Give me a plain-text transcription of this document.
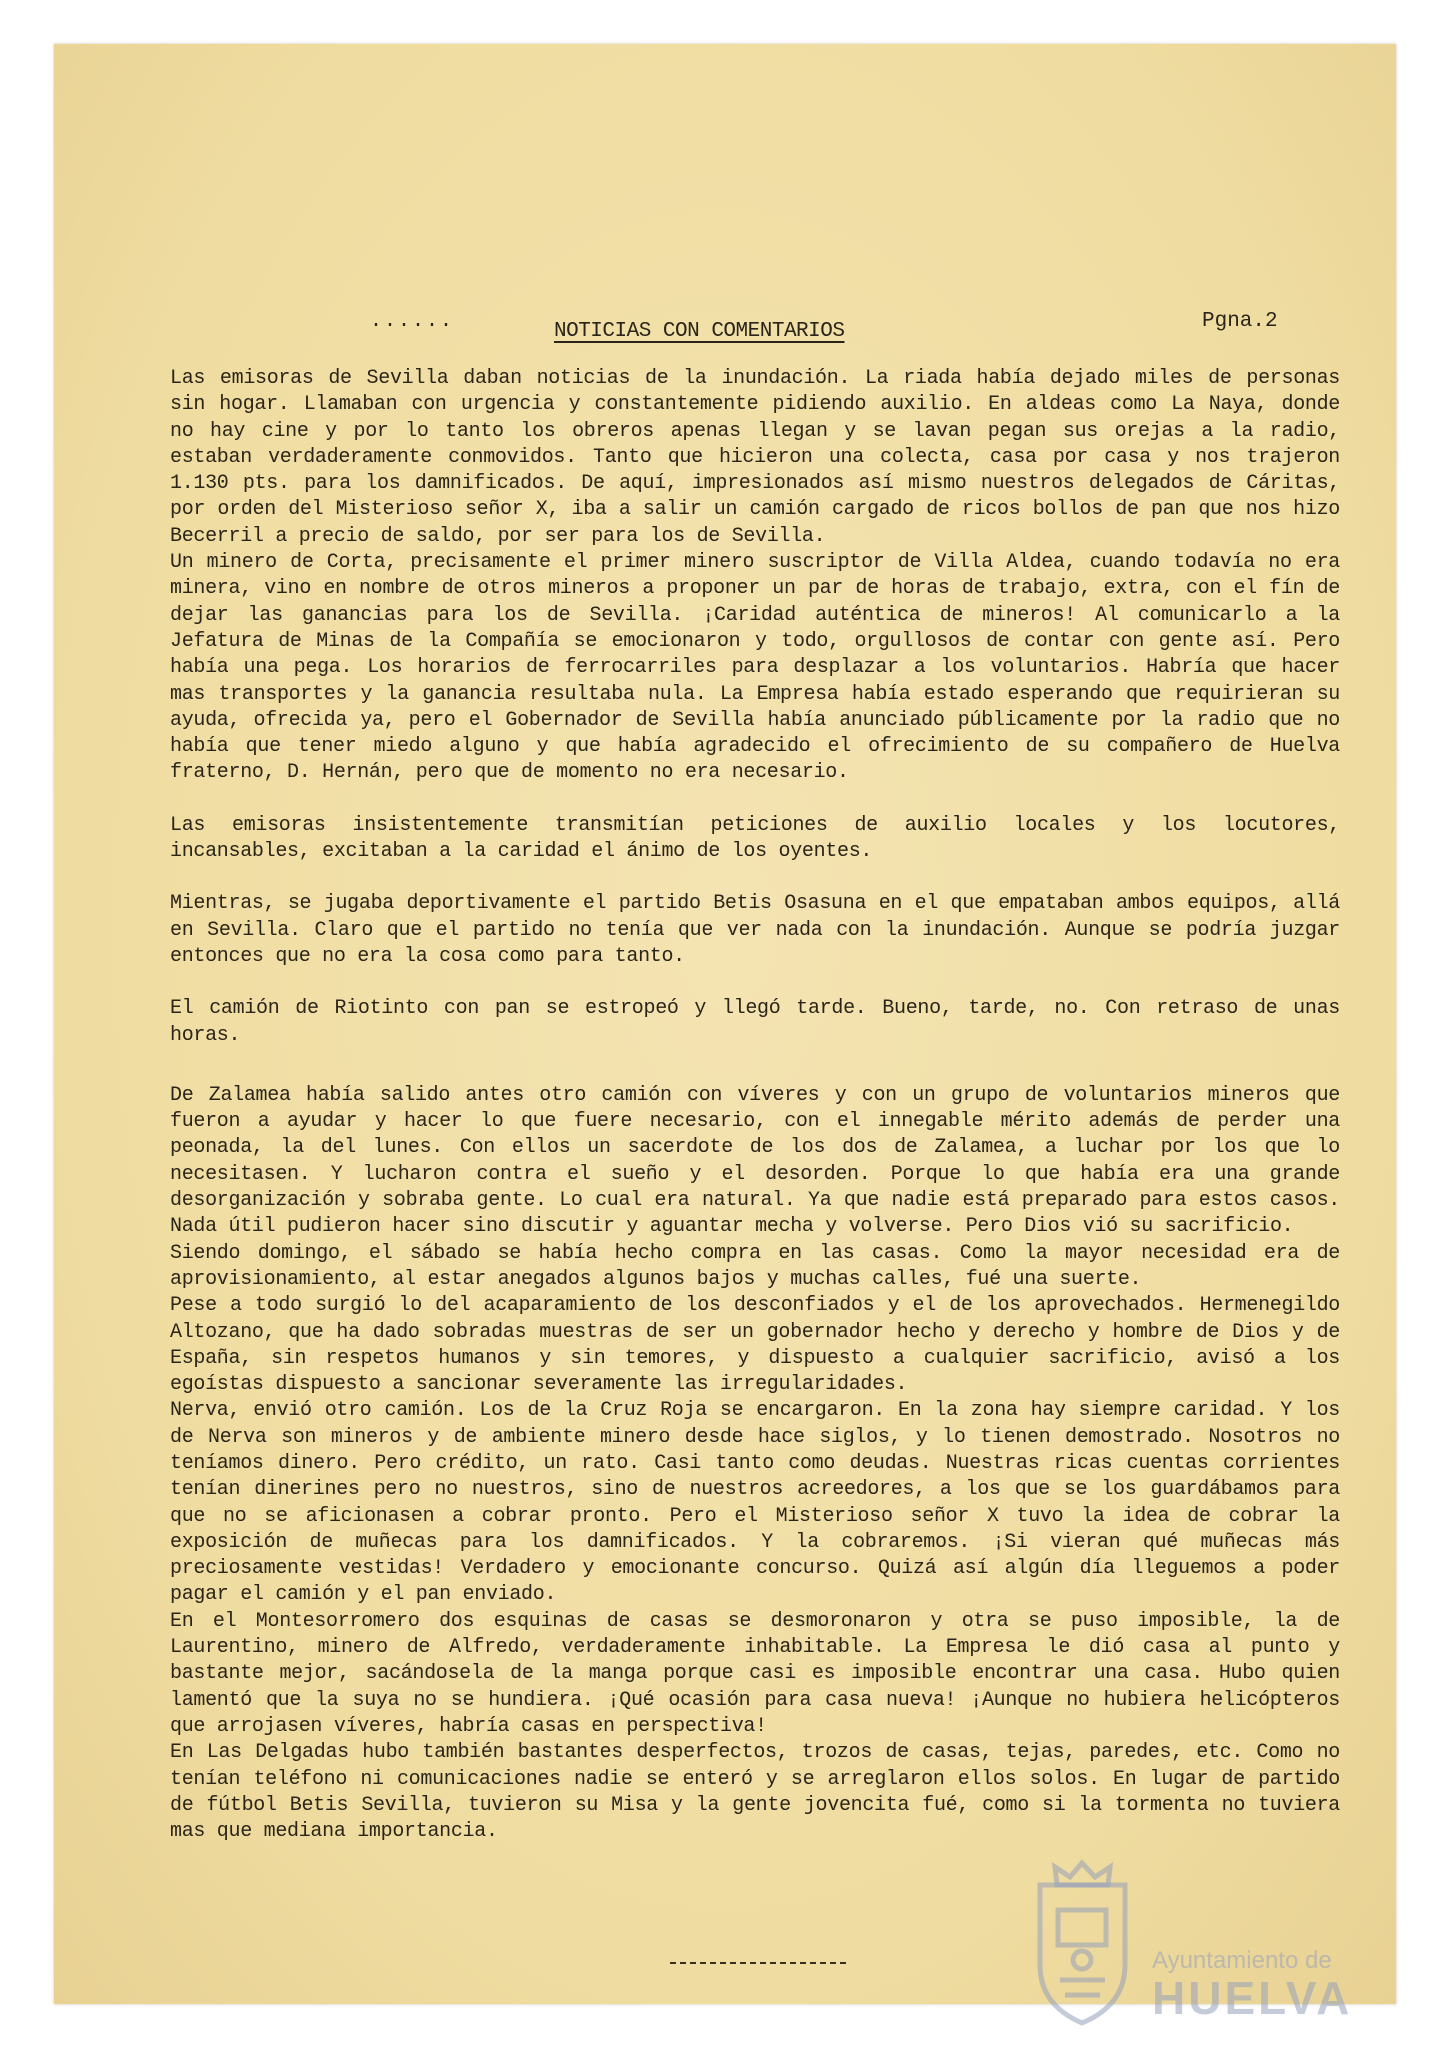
......	NOTICIAS CON COMENTARIOS	Pgna.2

Las emisoras de Sevilla daban noticias de la inundación. La riada había dejado miles de personas sin hogar. Llamaban con urgencia y constantemente pidiendo auxilio. En aldeas como La Naya, donde no hay cine y por lo tanto los obreros apenas llegan y se lavan pegan sus orejas a la radio, estaban verdaderamente conmovidos. Tanto que hicieron una colecta, casa por casa y nos trajeron 1.130 pts. para los damnificados. De aquí, impresionados así mismo nuestros delegados de Cáritas, por orden del Misterioso señor X, iba a salir un camión cargado de ricos bollos de pan que nos hizo Becerril a precio de saldo, por ser para los de Sevilla.

Un minero de Corta, precisamente el primer minero suscriptor de Villa Aldea, cuando todavía no era minera, vino en nombre de otros mineros a proponer un par de horas de trabajo, extra, con el fín de dejar las ganancias para los de Sevilla. ¡Caridad auténtica de mineros! Al comunicarlo a la Jefatura de Minas de la Compañía se emocionaron y todo, orgullosos de contar con gente así. Pero había una pega. Los horarios de ferrocarriles para desplazar a los voluntarios. Habría que hacer mas transportes y la ganancia resultaba nula. La Empresa había estado esperando que requirieran su ayuda, ofrecida ya, pero el Gobernador de Sevilla había anunciado públicamente por la radio que no había que tener miedo alguno y que había agradecido el ofrecimiento de su compañero de Huelva fraterno, D. Hernán, pero que de momento no era necesario.

Las emisoras insistentemente transmitían peticiones de auxilio locales y los locutores, incansables, excitaban a la caridad el ánimo de los oyentes.

Mientras, se jugaba deportivamente el partido Betis Osasuna en el que empataban ambos equipos, allá en Sevilla. Claro que el partido no tenía que ver nada con la inundación. Aunque se podría juzgar entonces que no era la cosa como para tanto.

El camión de Riotinto con pan se estropeó y llegó tarde. Bueno, tarde, no. Con retraso de unas horas.

De Zalamea había salido antes otro camión con víveres y con un grupo de voluntarios mineros que fueron a ayudar y hacer lo que fuere necesario, con el innegable mérito además de perder una peonada, la del lunes. Con ellos un sacerdote de los dos de Zalamea, a luchar por los que lo necesitasen. Y lucharon contra el sueño y el desorden. Porque lo que había era una grande desorganización y sobraba gente. Lo cual era natural. Ya que nadie está preparado para estos casos. Nada útil pudieron hacer sino discutir y aguantar mecha y volverse. Pero Dios vió su sacrificio.

Siendo domingo, el sábado se había hecho compra en las casas. Como la mayor necesidad era de aprovisionamiento, al estar anegados algunos bajos y muchas calles, fué una suerte.

Pese a todo surgió lo del acaparamiento de los desconfiados y el de los aprovechados. Hermenegildo Altozano, que ha dado sobradas muestras de ser un gobernador hecho y derecho y hombre de Dios y de España, sin respetos humanos y sin temores, y dispuesto a cualquier sacrificio, avisó a los egoístas dispuesto a sancionar severamente las irregularidades.

Nerva, envió otro camión. Los de la Cruz Roja se encargaron. En la zona hay siempre caridad. Y los de Nerva son mineros y de ambiente minero desde hace siglos, y lo tienen demostrado. Nosotros no teníamos dinero. Pero crédito, un rato. Casi tanto como deudas. Nuestras ricas cuentas corrientes tenían dinerines pero no nuestros, sino de nuestros acreedores, a los que se los guardábamos para que no se aficionasen a cobrar pronto. Pero el Misterioso señor X tuvo la idea de cobrar la exposición de muñecas para los damnificados. Y la cobraremos. ¡Si vieran qué muñecas más preciosamente vestidas! Verdadero y emocionante concurso. Quizá así algún día lleguemos a poder pagar el camión y el pan enviado.

En el Montesorromero dos esquinas de casas se desmoronaron y otra se puso imposible, la de Laurentino, minero de Alfredo, verdaderamente inhabitable. La Empresa le dió casa al punto y bastante mejor, sacándosela de la manga porque casi es imposible encontrar una casa. Hubo quien lamentó que la suya no se hundiera. ¡Qué ocasión para casa nueva! ¡Aunque no hubiera helicópteros que arrojasen víveres, habría casas en perspectiva!

En Las Delgadas hubo también bastantes desperfectos, trozos de casas, tejas, paredes, etc. Como no tenían teléfono ni comunicaciones nadie se enteró y se arreglaron ellos solos. En lugar de partido de fútbol Betis Sevilla, tuvieron su Misa y la gente jovencita fué, como si la tormenta no tuviera mas que mediana importancia.

Ayuntamiento de
HUELVA
